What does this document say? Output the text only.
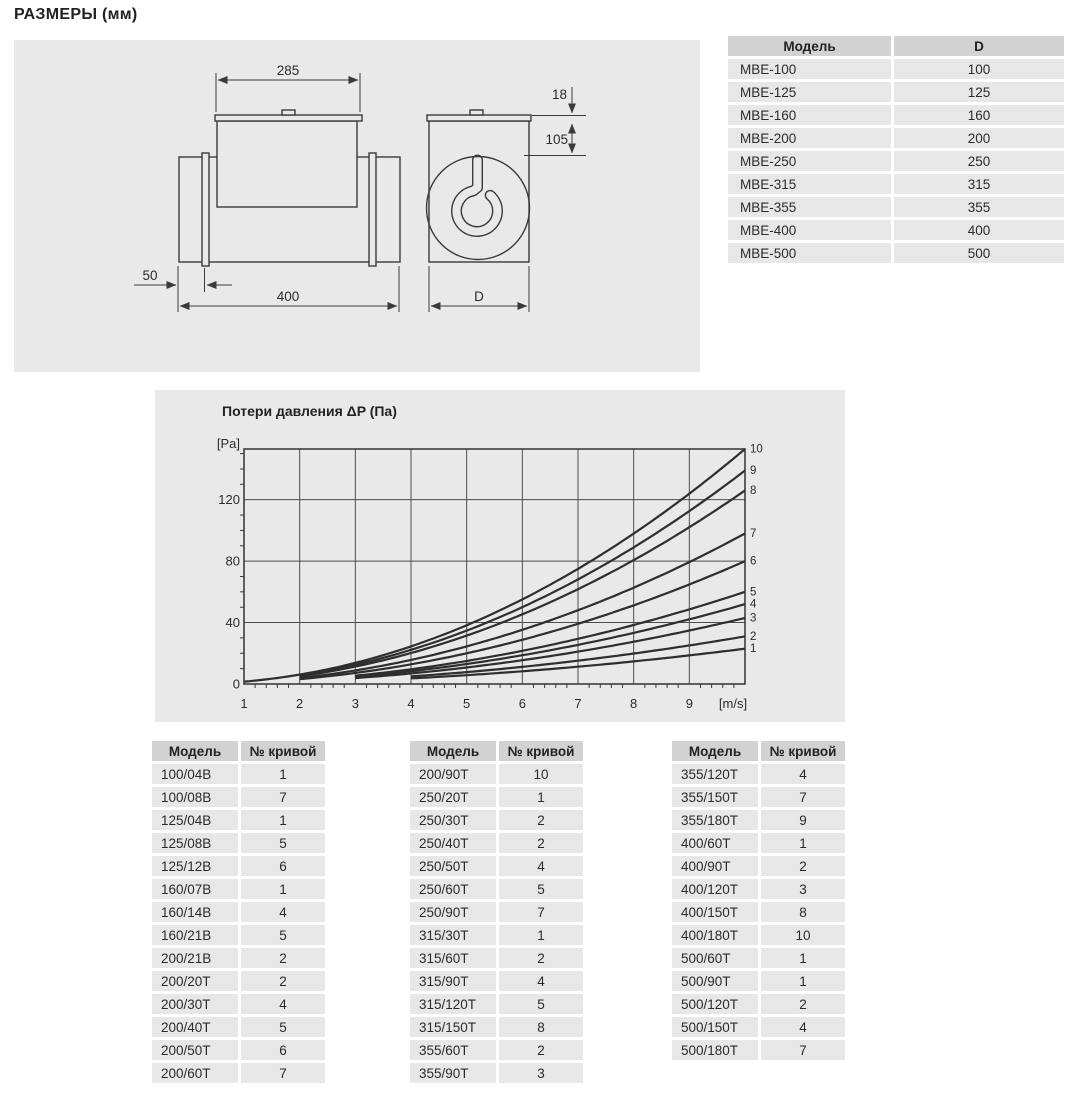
РАЗМЕРЫ (мм)
285
18
105
50
400	D
Модель	D
MBE-100	100
MBE-125	125
MBE-160	160
MBE-200	200
MBE-250	250
MBE-315	315
MBE-355	355
MBE-400	400
MBE-500	500
Потери давления ΔP (Па)
1
2
3
4
5
6
7
8
9
10
1	2	3	4	5	6	7	8	9 [m/s]
0
40
80
120
[Pa]
Модель	№ кривой
100/04B	1
100/08B	7
125/04B	1
125/08B	5
125/12B	6
160/07B	1
160/14B	4
160/21B	5
200/21B	2
200/20T	2
200/30T	4
200/40T	5
200/50T	6
200/60T	7
Модель	№ кривой
200/90T	10
250/20T	1
250/30T	2
250/40T	2
250/50T	4
250/60T	5
250/90T	7
315/30T	1
315/60T	2
315/90T	4
315/120T	5
315/150T	8
355/60T	2
355/90T	3
Модель	№ кривой
355/120T	4
355/150T	7
355/180T	9
400/60T	1
400/90T	2
400/120T	3
400/150T	8
400/180T	10
500/60T	1
500/90T	1
500/120T	2
500/150T	4
500/180T	7
